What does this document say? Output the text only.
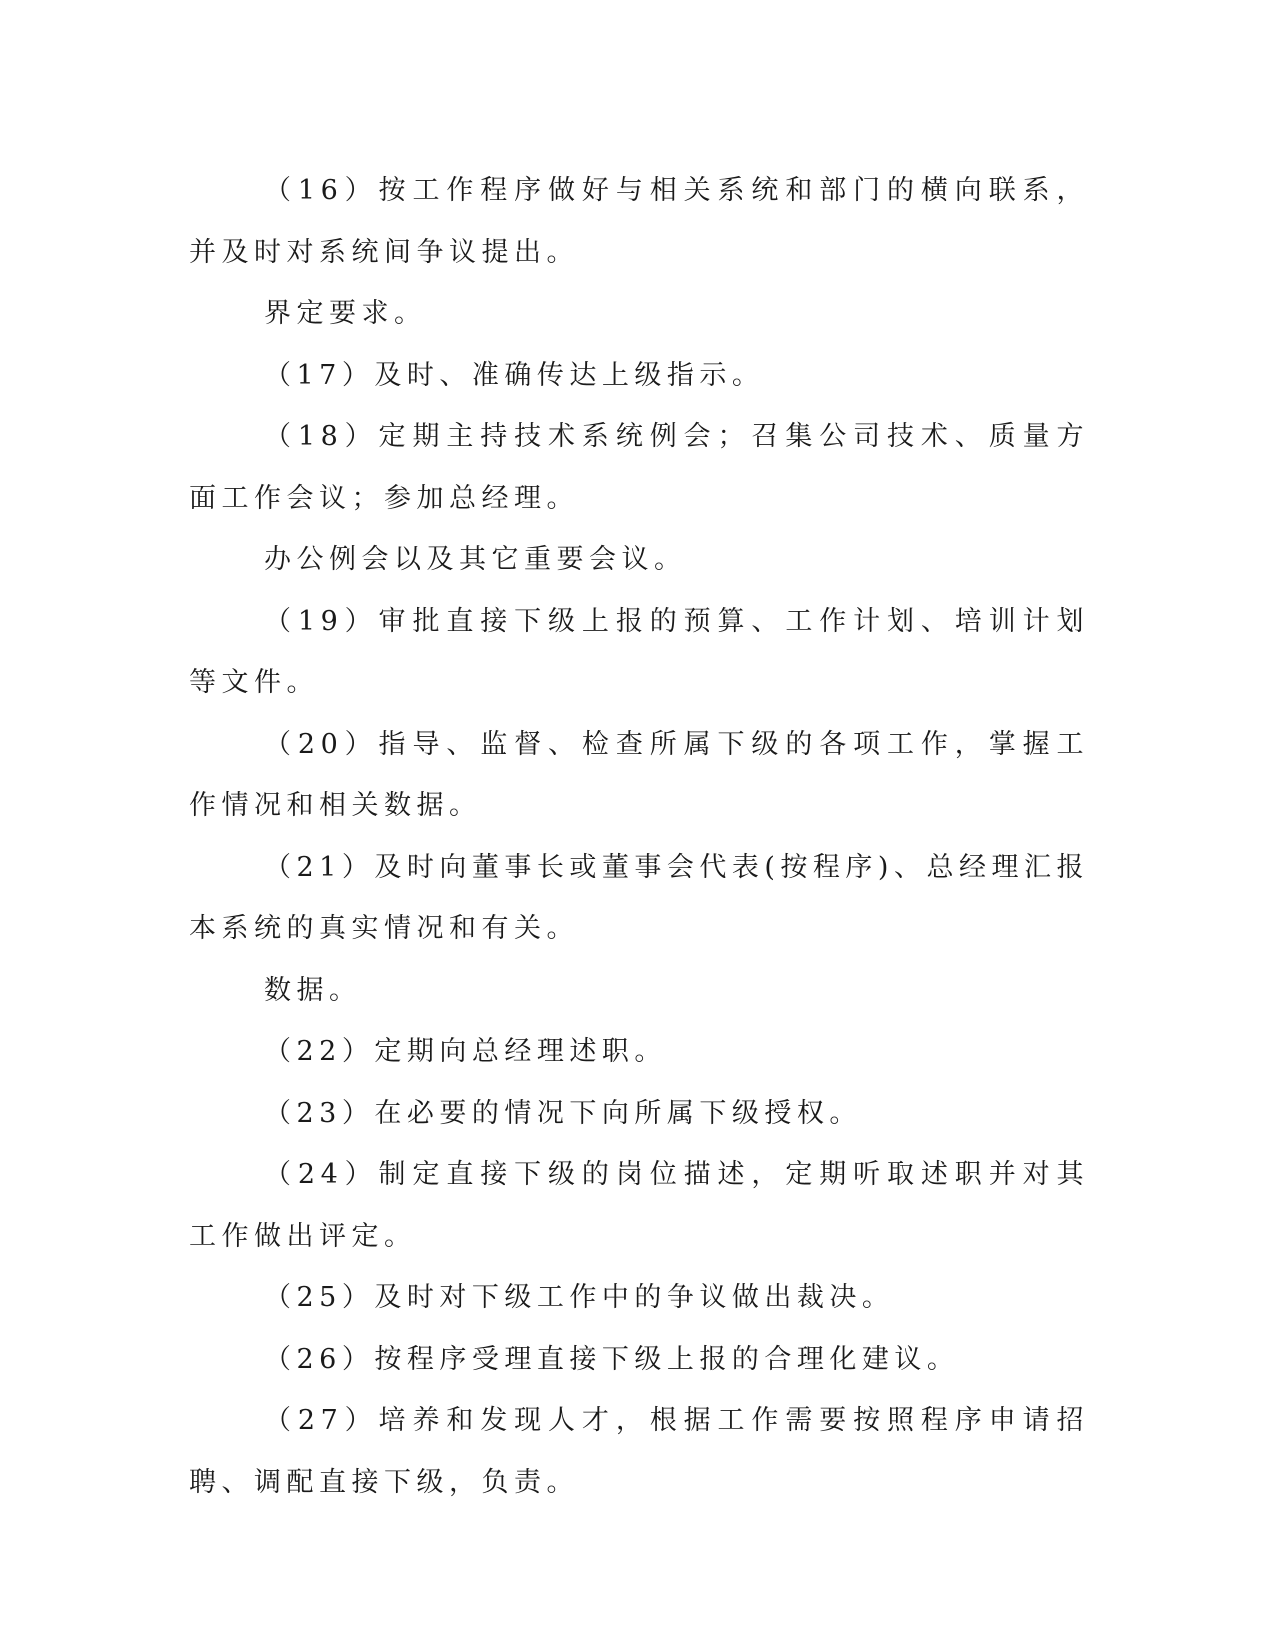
（16）按工作程序做好与相关系统和部门的横向联系，并及时对系统间争议提出。

界定要求。

（17）及时、准确传达上级指示。

（18）定期主持技术系统例会；召集公司技术、质量方面工作会议；参加总经理。

办公例会以及其它重要会议。

（19）审批直接下级上报的预算、工作计划、培训计划等文件。

（20）指导、监督、检查所属下级的各项工作，掌握工作情况和相关数据。

（21）及时向董事长或董事会代表(按程序)、总经理汇报本系统的真实情况和有关。

数据。

（22）定期向总经理述职。

（23）在必要的情况下向所属下级授权。

（24）制定直接下级的岗位描述，定期听取述职并对其工作做出评定。

（25）及时对下级工作中的争议做出裁决。

（26）按程序受理直接下级上报的合理化建议。

（27）培养和发现人才，根据工作需要按照程序申请招聘、调配直接下级，负责。
